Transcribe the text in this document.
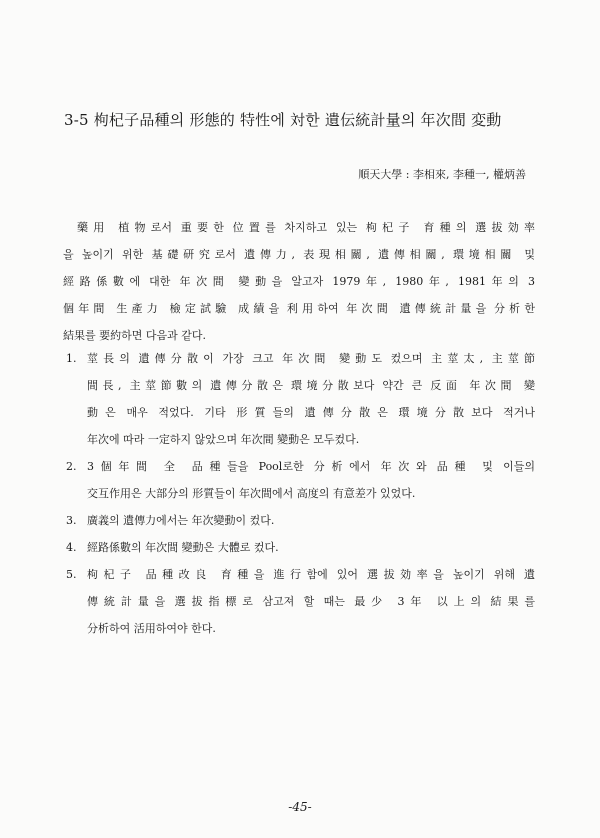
3-5 枸杞子品種의 形態的 特性에 対한 遺伝統計量의 年次間 変動
順天大學 : 李相來, 李種一, 權炳善

藥用 植物로서 重要한 位置를 차지하고 있는 枸杞子 育種의 選拔効率

을 높이기 위한 基礎研究로서 遺傳力, 表現相關, 遺傳相關, 環境相關 및

經路係數에 대한 年次間 變動을 알고자 1979年, 1980年, 1981年의 3

個年間 生產力 檢定試驗 成績을 利用하여 年次間 遺傳統計量을 分析한

結果를 要約하면 다음과 같다.

1. 莖長의 遺傳分散이 가장 크고 年次間 變動도 컸으며 主莖太, 主莖節
間長, 主莖節數의 遺傳分散은 環境分散보다 약간 큰 反面 年次間 變
動은 매우 적었다. 기타 形質들의 遺傳分散은 環境分散보다 적거나
年次에 따라 一定하지 않았으며 年次間 變動은 모두컸다.
2. 3個年間 全 品種들을 Pool로한 分析에서 年次와 品種 및 이들의
交互作用은 大部分의 形質들이 年次間에서 高度의 有意差가 있었다.
3. 廣義의 遺傳力에서는 年次變動이 컸다.
4. 經路係數의 年次間 變動은 大體로 컸다.
5. 枸杞子 品種改良 育種을 進行함에 있어 選拔効率을 높이기 위해 遺
傳統計量을 選拔指標로 삼고져 할 때는 最少 3年 以上의 結果를
分析하여 活用하여야 한다.
-45-
